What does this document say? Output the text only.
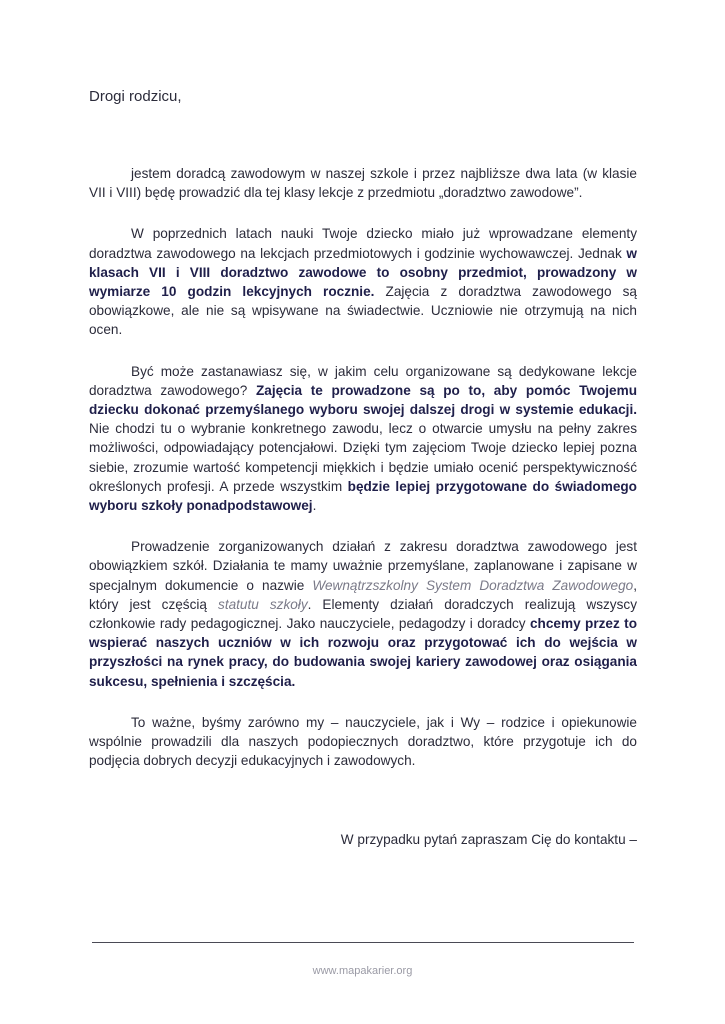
Drogi rodzicu,

jestem doradcą zawodowym w naszej szkole i przez najbliższe dwa lata (w klasie VII i VIII) będę prowadzić dla tej klasy lekcje z przedmiotu „doradztwo zawodowe”.

W poprzednich latach nauki Twoje dziecko miało już wprowadzane elementy doradztwa zawodowego na lekcjach przedmiotowych i godzinie wychowawczej. Jednak w klasach VII i VIII doradztwo zawodowe to osobny przedmiot, prowadzony w wymiarze 10 godzin lekcyjnych rocznie. Zajęcia z doradztwa zawodowego są obowiązkowe, ale nie są wpisywane na świadectwie. Uczniowie nie otrzymują na nich ocen.

Być może zastanawiasz się, w jakim celu organizowane są dedykowane lekcje doradztwa zawodowego? Zajęcia te prowadzone są po to, aby pomóc Twojemu dziecku dokonać przemyślanego wyboru swojej dalszej drogi w systemie edukacji. Nie chodzi tu o wybranie konkretnego zawodu, lecz o otwarcie umysłu na pełny zakres możliwości, odpowiadający potencjałowi. Dzięki tym zajęciom Twoje dziecko lepiej pozna siebie, zrozumie wartość kompetencji miękkich i będzie umiało ocenić perspektywiczność określonych profesji. A przede wszystkim będzie lepiej przygotowane do świadomego wyboru szkoły ponadpodstawowej.

Prowadzenie zorganizowanych działań z zakresu doradztwa zawodowego jest obowiązkiem szkół. Działania te mamy uważnie przemyślane, zaplanowane i zapisane w specjalnym dokumencie o nazwie Wewnątrzszkolny System Doradztwa Zawodowego, który jest częścią statutu szkoły. Elementy działań doradczych realizują wszyscy członkowie rady pedagogicznej. Jako nauczyciele, pedagodzy i doradcy chcemy przez to wspierać naszych uczniów w ich rozwoju oraz przygotować ich do wejścia w przyszłości na rynek pracy, do budowania swojej kariery zawodowej oraz osiągania sukcesu, spełnienia i szczęścia.

To ważne, byśmy zarówno my – nauczyciele, jak i Wy – rodzice i opiekunowie wspólnie prowadzili dla naszych podopiecznych doradztwo, które przygotuje ich do podjęcia dobrych decyzji edukacyjnych i zawodowych.

W przypadku pytań zapraszam Cię do kontaktu –

www.mapakarier.org
